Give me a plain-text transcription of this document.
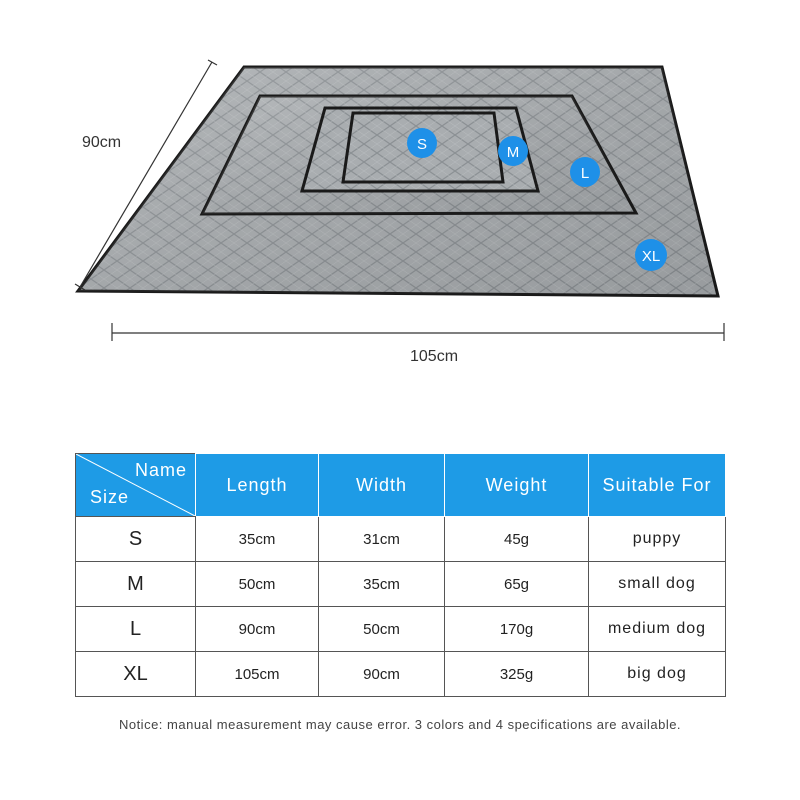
S	M
L
XL
90cm
105cm
Name
Size	Length	Width	Weight	Suitable For
S	35cm	31cm	45g	puppy
M	50cm	35cm	65g	small dog
L	90cm	50cm	170g	medium dog
XL	105cm	90cm	325g	big dog
Notice: manual measurement may cause error. 3 colors and 4 specifications are available.
